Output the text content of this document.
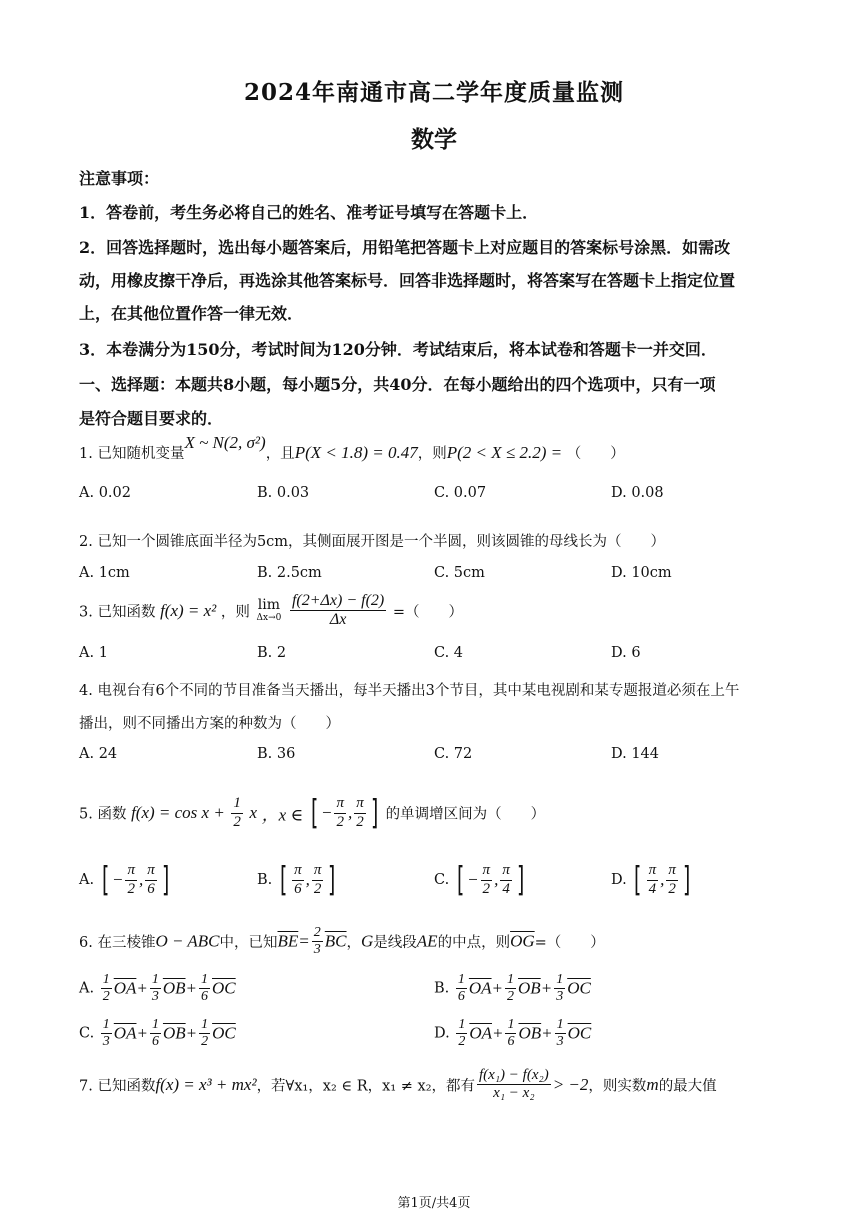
2024年南通市高二学年度质量监测
数学
注意事项：
1．答卷前，考生务必将自己的姓名、准考证号填写在答题卡上．
2．回答选择题时，选出每小题答案后，用铅笔把答题卡上对应题目的答案标号涂黑．如需改
动，用橡皮擦干净后，再选涂其他答案标号．回答非选择题时，将答案写在答题卡上指定位置
上，在其他位置作答一律无效．
3．本卷满分为150分，考试时间为120分钟．考试结束后，将本试卷和答题卡一并交回．
一、选择题：本题共8小题，每小题5分，共40分．在每小题给出的四个选项中，只有一项
是符合题目要求的．
1. 已知随机变量X ~ N(2, σ²)，且P(X < 1.8) = 0.47，则P(2 < X ≤ 2.2) = （　　）
A. 0.02	B. 0.03	C. 0.07	D. 0.08
2. 已知一个圆锥底面半径为5cm，其侧面展开图是一个半圆，则该圆锥的母线长为（　　）
A. 1cm	B. 2.5cm	C. 5cm	D. 10cm
3. 已知函数 f(x) = x² ，则 lim
Δx→0
$\frac{f(2+\Delta x) - f(2)}{\Delta x}$ =（　　）
A. 1	B. 2	C. 4	D. 6
4. 电视台有6个不同的节目准备当天播出，每半天播出3个节目，其中某电视剧和某专题报道必须在上午
播出，则不同播出方案的种数为（　　）
A. 24	B. 36	C. 72	D. 144
5. 函数 $f(x) = \cos x + \frac{1}{2}$ x ，x ∈ [ − $\frac{\pi}{2}$ , $\frac{\pi}{2}$ ] 的单调增区间为（　　）
A. [ − $\frac{\pi}{2}$ , $\frac{\pi}{6}$ ]	B. [ $\frac{\pi}{6}$ , $\frac{\pi}{2}$ ]	C. [ − $\frac{\pi}{2}$ , $\frac{\pi}{4}$ ]	D. [ $\frac{\pi}{4}$ , $\frac{\pi}{2}$ ]
6. 在三棱锥O − ABC中，已知$\overline{BE}= \frac{2}{3} \overline{BC}$，G是线段AE的中点，则$\overline{OG}=$（　　）
A. $\frac{1}{2} \overline{OA}+ \frac{1}{3} \overline{OB}+ \frac{1}{6} \overline{OC}$	B. $\frac{1}{6} \overline{OA}+ \frac{1}{2} \overline{OB}+ \frac{1}{3} \overline{OC}$
C. $\frac{1}{3} \overline{OA}+ \frac{1}{6} \overline{OB}+ \frac{1}{2} \overline{OC}$	D. $\frac{1}{2} \overline{OA}+ \frac{1}{6} \overline{OB}+ \frac{1}{3} \overline{OC}$
7. 已知函数f(x) = x³ + mx²，若∀x₁，x₂ ∈ R，x₁ ≠ x₂，都有 $\frac{\text{f(x₁) − f(x₂)}}{\text{x₁ − x₂}} > -2$，则实数m的最大值
第1页/共4页
